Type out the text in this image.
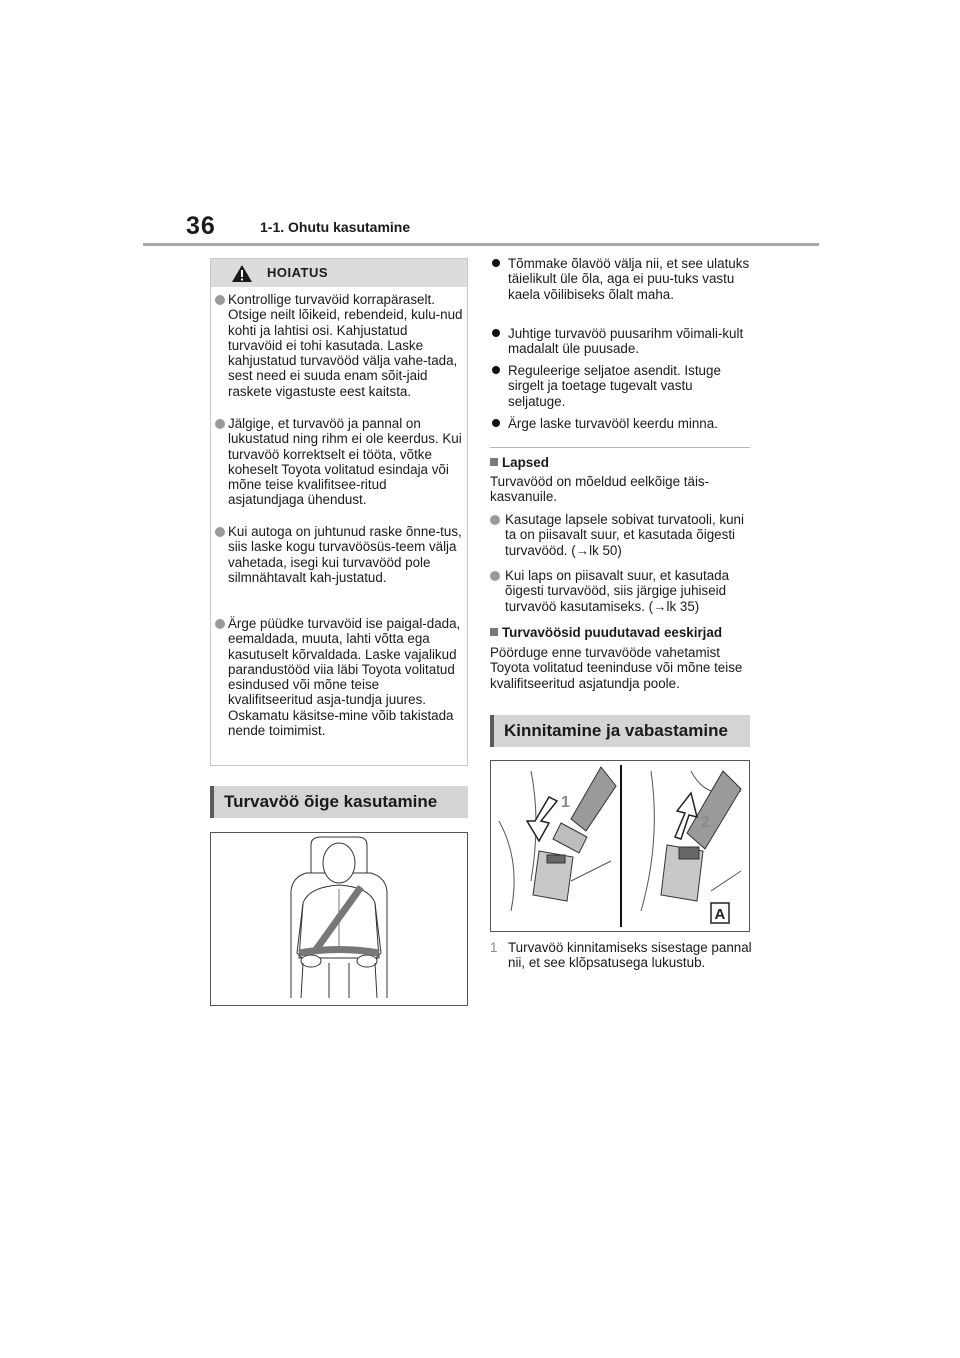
36	1-1. Ohutu kasutamine
HOIATUS
Kontrollige turvavöid korrapäraselt. Otsige neilt lõikeid, rebendeid, kulu-nud kohti ja lahtisi osi. Kahjustatud turvavöid ei tohi kasutada. Laske kahjustatud turvavööd välja vahe-tada, sest need ei suuda enam sõit-jaid raskete vigastuste eest kaitsta.
Jälgige, et turvavöö ja pannal on lukustatud ning rihm ei ole keerdus. Kui turvavöö korrektselt ei tööta, võtke koheselt Toyota volitatud esindaja või mõne teise kvalifitsee-ritud asjatundjaga ühendust.
Kui autoga on juhtunud raske õnne-tus, siis laske kogu turvavöösüs-teem välja vahetada, isegi kui turvavööd pole silmnähtavalt kah-justatud.
Ärge püüdke turvavöid ise paigal-dada, eemaldada, muuta, lahti võtta ega kasutuselt kõrvaldada. Laske vajalikud parandustööd viia läbi Toyota volitatud esindused või mõne teise kvalifitseeritud asja-tundja juures. Oskamatu käsitse-mine võib takistada nende toimimist.
Turvavöö õige kasutamine
Tõmmake õlavöö välja nii, et see ulatuks täielikult üle õla, aga ei puu-tuks vastu kaela võilibiseks õlalt maha.
Juhtige turvavöö puusarihm võimali-kult madalalt üle puusade.
Reguleerige seljatoe asendit. Istuge sirgelt ja toetage tugevalt vastu seljatuge.
Ärge laske turvavööl keerdu minna.
Lapsed
Turvavööd on mõeldud eelkõige täis-kasvanuile.
Kasutage lapsele sobivat turvatooli, kuni ta on piisavalt suur, et kasutada õigesti turvavööd. (→lk 50)
Kui laps on piisavalt suur, et kasutada õigesti turvavööd, siis järgige juhiseid turvavöö kasutamiseks. (→lk 35)
Turvavöösid puudutavad eeskirjad
Pöörduge enne turvavööde vahetamist Toyota volitatud teeninduse või mõne teise kvalifitseeritud asjatundja poole.
Kinnitamine ja vabastamine
1
2
A
1 Turvavöö kinnitamiseks sisestage pannal nii, et see klõpsatusega lukustub.
